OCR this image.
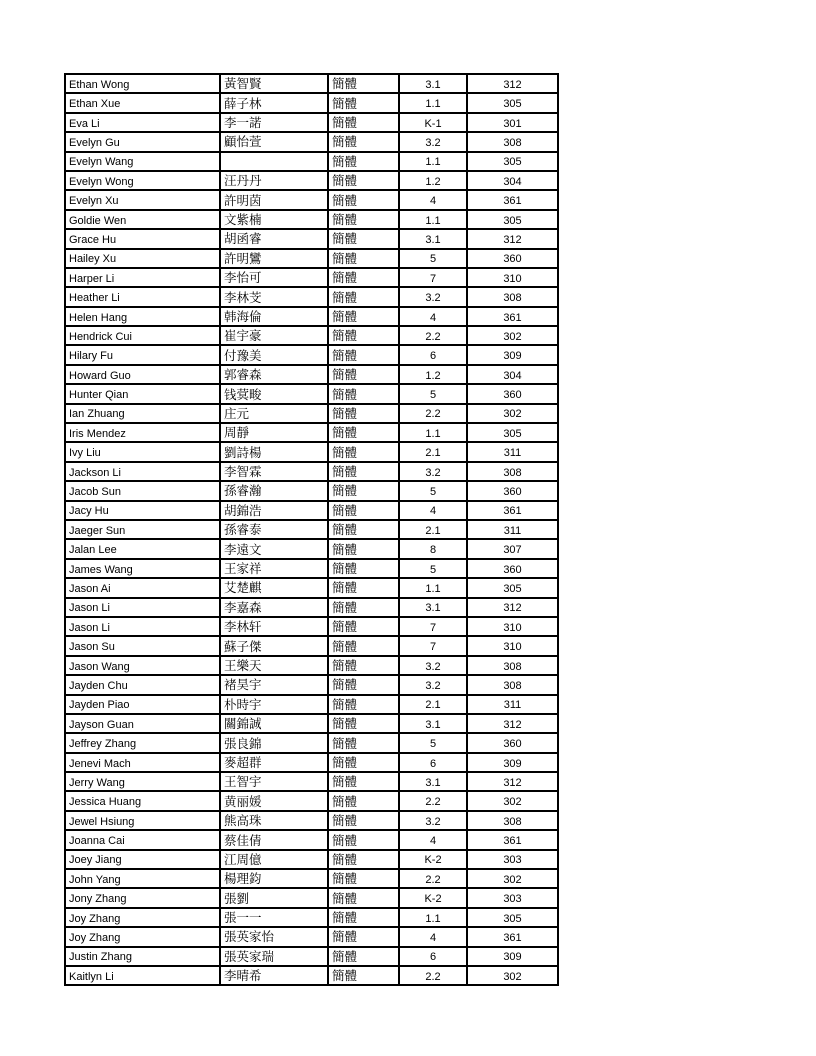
Ethan Wong	黃智賢	簡體	3.1	312
Ethan Xue	薛子林	簡體	1.1	305
Eva Li	李一諾	簡體	K-1	301
Evelyn Gu	顧怡萱	簡體	3.2	308
Evelyn Wang		簡體	1.1	305
Evelyn Wong	汪丹丹	簡體	1.2	304
Evelyn Xu	許明茵	簡體	4	361
Goldie Wen	文紫楠	簡體	1.1	305
Grace Hu	胡函睿	簡體	3.1	312
Hailey Xu	許明鸞	簡體	5	360
Harper Li	李怡可	簡體	7	310
Heather Li	李林芠	簡體	3.2	308
Helen Hang	韩海倫	簡體	4	361
Hendrick Cui	崔宇豪	簡體	2.2	302
Hilary Fu	付豫美	簡體	6	309
Howard Guo	郭睿森	簡體	1.2	304
Hunter Qian	钱蓂畯	簡體	5	360
Ian Zhuang	庄元	簡體	2.2	302
Iris Mendez	周靜	簡體	1.1	305
Ivy Liu	劉詩楊	簡體	2.1	311
Jackson Li	李智霖	簡體	3.2	308
Jacob Sun	孫睿瀚	簡體	5	360
Jacy Hu	胡錦浩	簡體	4	361
Jaeger Sun	孫睿泰	簡體	2.1	311
Jalan Lee	李遠文	簡體	8	307
James Wang	王家祥	簡體	5	360
Jason Ai	艾楚麒	簡體	1.1	305
Jason Li	李嘉森	簡體	3.1	312
Jason Li	李林轩	簡體	7	310
Jason Su	蘇子傑	簡體	7	310
Jason Wang	王樂天	簡體	3.2	308
Jayden Chu	褚昊宇	簡體	3.2	308
Jayden Piao	朴時宇	簡體	2.1	311
Jayson Guan	關錦誠	簡體	3.1	312
Jeffrey Zhang	張良錦	簡體	5	360
Jenevi Mach	麥超群	簡體	6	309
Jerry Wang	王智宇	簡體	3.1	312
Jessica Huang	黄丽媛	簡體	2.2	302
Jewel Hsiung	熊高珠	簡體	3.2	308
Joanna Cai	蔡佳倩	簡體	4	361
Joey Jiang	江周億	簡體	K-2	303
John Yang	楊理鈞	簡體	2.2	302
Jony Zhang	張劉	簡體	K-2	303
Joy Zhang	張一一	簡體	1.1	305
Joy Zhang	張英家怡	簡體	4	361
Justin Zhang	張英家瑞	簡體	6	309
Kaitlyn Li	李晴希	簡體	2.2	302
